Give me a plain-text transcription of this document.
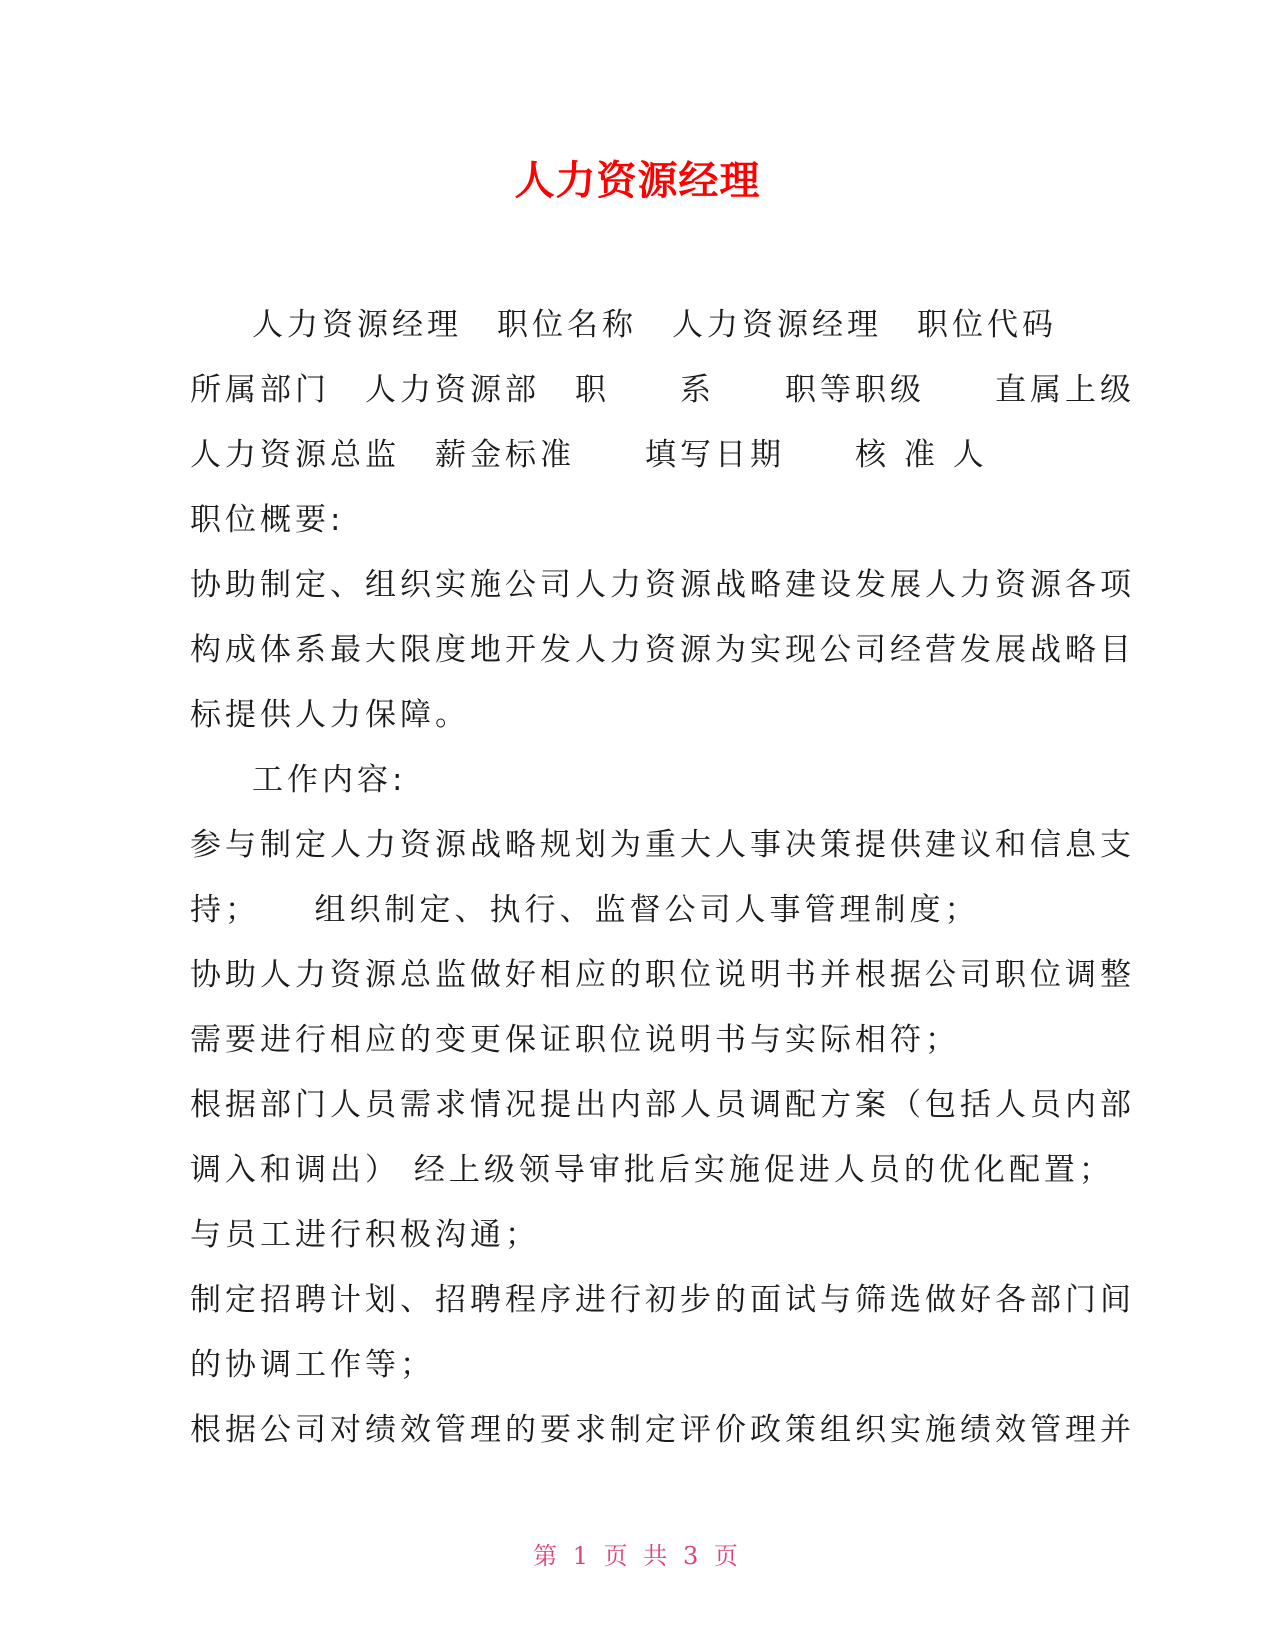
人力资源经理

人力资源经理　职位名称　人力资源经理　职位代码

所属部门　人力资源部　职　　系　　职等职级　　直属上级

人力资源总监　薪金标准　　填写日期　　核 准 人

职位概要:

协助制定、组织实施公司人力资源战略建设发展人力资源各项

构成体系最大限度地开发人力资源为实现公司经营发展战略目

标提供人力保障。

工作内容:

参与制定人力资源战略规划为重大人事决策提供建议和信息支

持；　　组织制定、执行、监督公司人事管理制度；

协助人力资源总监做好相应的职位说明书并根据公司职位调整

需要进行相应的变更保证职位说明书与实际相符；

根据部门人员需求情况提出内部人员调配方案（包括人员内部

调入和调出） 经上级领导审批后实施促进人员的优化配置；

与员工进行积极沟通；

制定招聘计划、招聘程序进行初步的面试与筛选做好各部门间

的协调工作等；

根据公司对绩效管理的要求制定评价政策组织实施绩效管理并

第 1 页 共 3 页
